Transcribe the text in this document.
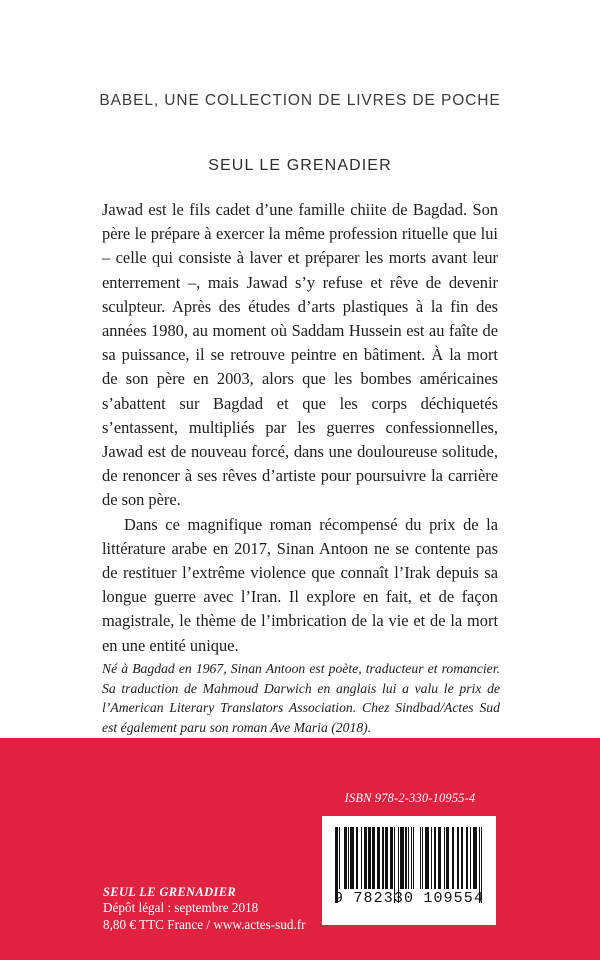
BABEL, UNE COLLECTION DE LIVRES DE POCHE
SEUL LE GRENADIER

Jawad est le fils cadet d’une famille chiite de Bagdad. Son père le prépare à exercer la même profession rituelle que lui – celle qui consiste à laver et préparer les morts avant leur enterrement –, mais Jawad s’y refuse et rêve de devenir sculpteur. Après des études d’arts plastiques à la fin des années 1980, au moment où Saddam Hussein est au faîte de sa puissance, il se retrouve peintre en bâtiment. À la mort de son père en 2003, alors que les bombes américaines s’abattent sur Bagdad et que les corps déchiquetés s’entassent, multipliés par les guerres confessionnelles, Jawad est de nouveau forcé, dans une douloureuse solitude, de renoncer à ses rêves d’artiste pour poursuivre la carrière de son père.

Dans ce magnifique roman récompensé du prix de la littérature arabe en 2017, Sinan Antoon ne se contente pas de restituer l’extrême violence que connaît l’Irak depuis sa longue guerre avec l’Iran. Il explore en fait, et de façon magistrale, le thème de l’imbrication de la vie et de la mort en une entité unique.

Né à Bagdad en 1967, Sinan Antoon est poète, traducteur et romancier. Sa traduction de Mahmoud Darwich en anglais lui a valu le prix de l’American Literary Translators Association. Chez Sindbad/Actes Sud est également paru son roman Ave Maria (2018).

ISBN 978-2-330-10955-4
9 782330 109554
SEUL LE GRENADIER
Dépôt légal : septembre 2018
8,80 € TTC France / www.actes-sud.fr
